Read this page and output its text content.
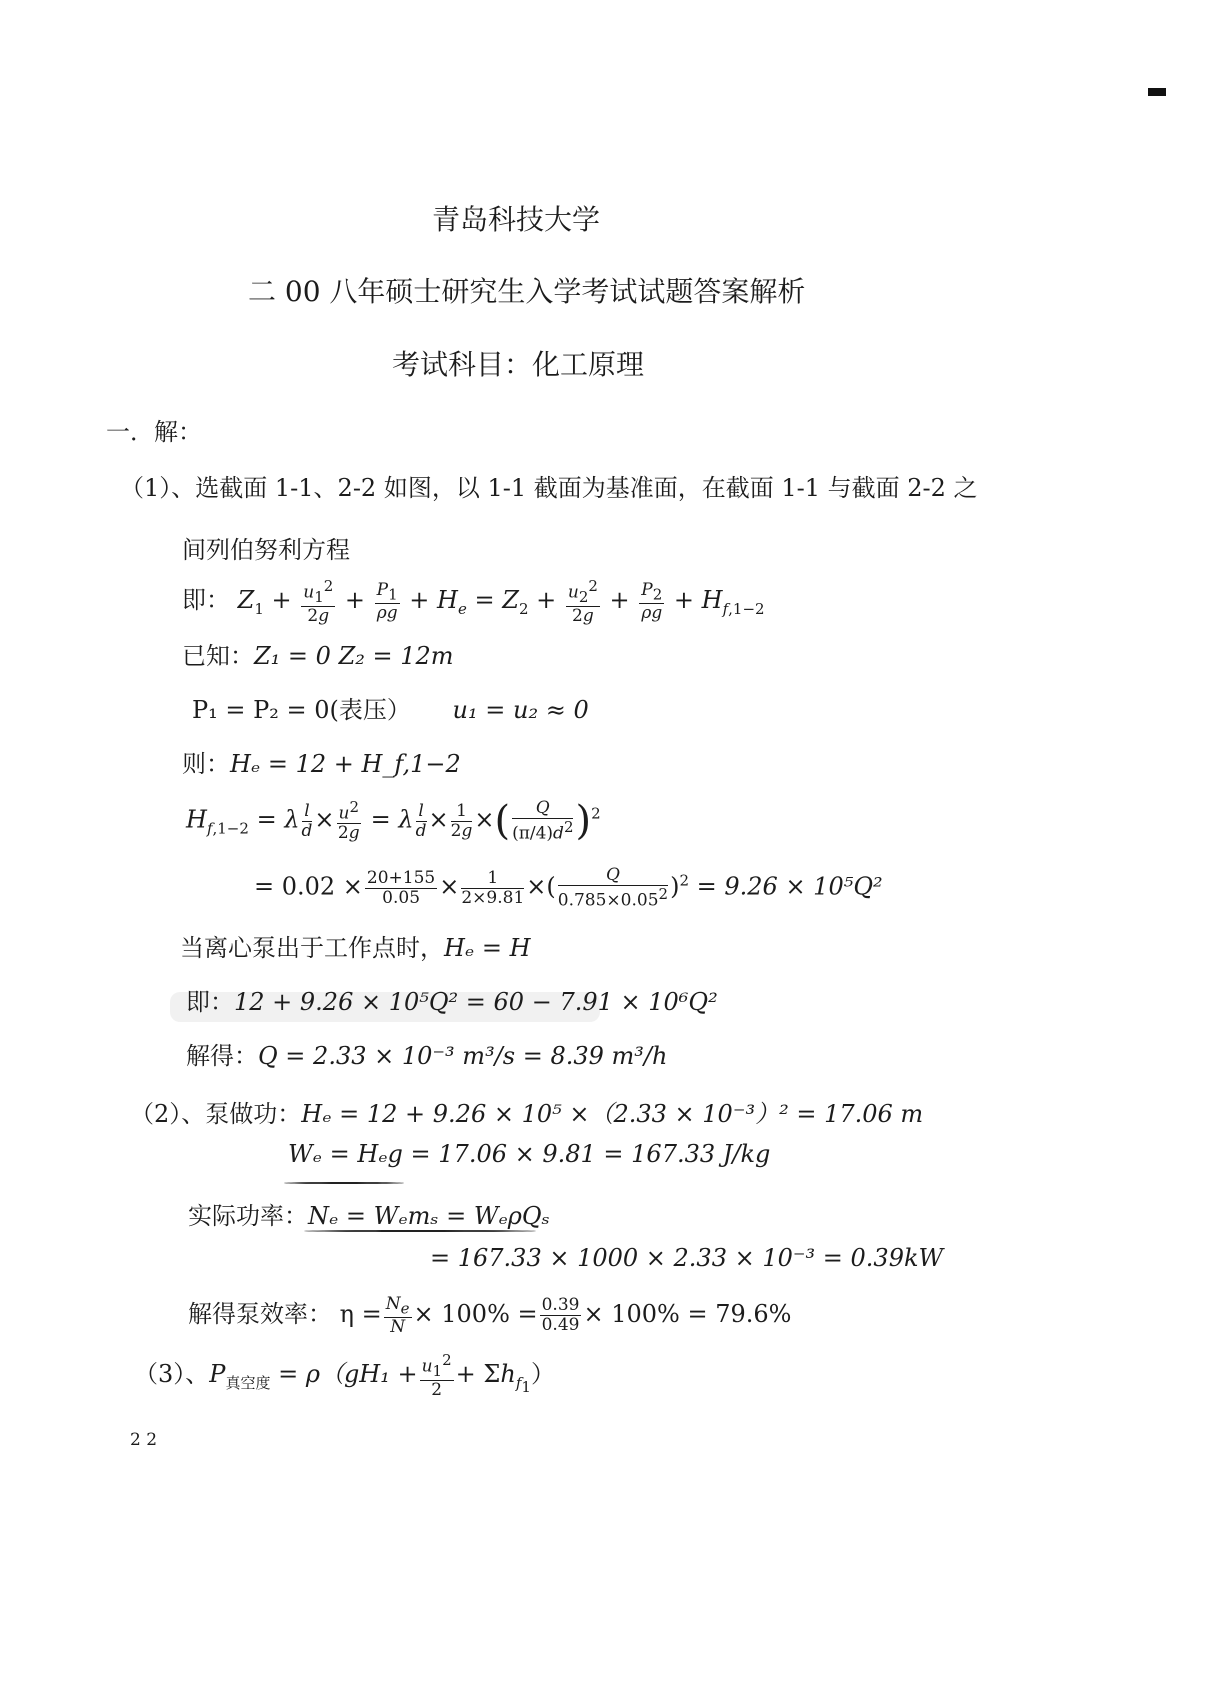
青岛科技大学
二 00 八年硕士研究生入学考试试题答案解析
考试科目：化工原理
一．解：
（1）、选截面 1-1、2-2 如图，以 1-1 截面为基准面，在截面 1-1 与截面 2-2 之
间列伯努利方程
即： $Z_1 + \frac{u_1^2}{2g} + \frac{P_1}{\rho g} + H_e = Z_2 + \frac{u_2^2}{2g} + \frac{P_2}{\rho g} + H_{f,1-2}$
已知：Z₁ = 0 Z₂ = 12m
P₁ = P₂ = 0(表压） u₁ = u₂ ≈ 0
则：Hₑ = 12 + H_f,1−2
$H_{f,1-2} = \lambda \frac{l}{d} \times \frac{u^2}{2g} = \lambda \frac{l}{d} \times \frac{1}{2g}$ ×( $\frac{Q}{(\pi/4)d^2} )^2$
= $0.02 \times \frac{20+155}{0.05} \times \frac{1}{2\times 9.81}$ ×( $\frac{Q}{0.785\times 0.05^2} )^2 = 9.26 \times 10^5Q^2$
当离心泵出于工作点时，Hₑ = H
即：12 + 9.26 × 10⁵Q² = 60 − 7.91 × 10⁶Q²
解得：Q = 2.33 × 10⁻³ m³/s = 8.39 m³/h
（2）、泵做功：Hₑ = 12 + 9.26 × 10⁵ ×（2.33 × 10⁻³）² = 17.06 m
Wₑ = Hₑg = 17.06 × 9.81 = 167.33 J/kg
实际功率：Nₑ = Wₑmₛ = WₑρQₛ
= 167.33 × 1000 × 2.33 × 10⁻³ = 0.39kW
解得泵效率： $\eta = \frac{N_e}{N} \times 100\% = \frac{0.39}{0.49} \times 100\% = 79.6\%$
（3）、$P_{真空度} = \rho(gH_1 + \frac{u_1^2}{2} + \Sigma h_{f_1})$
2 2
